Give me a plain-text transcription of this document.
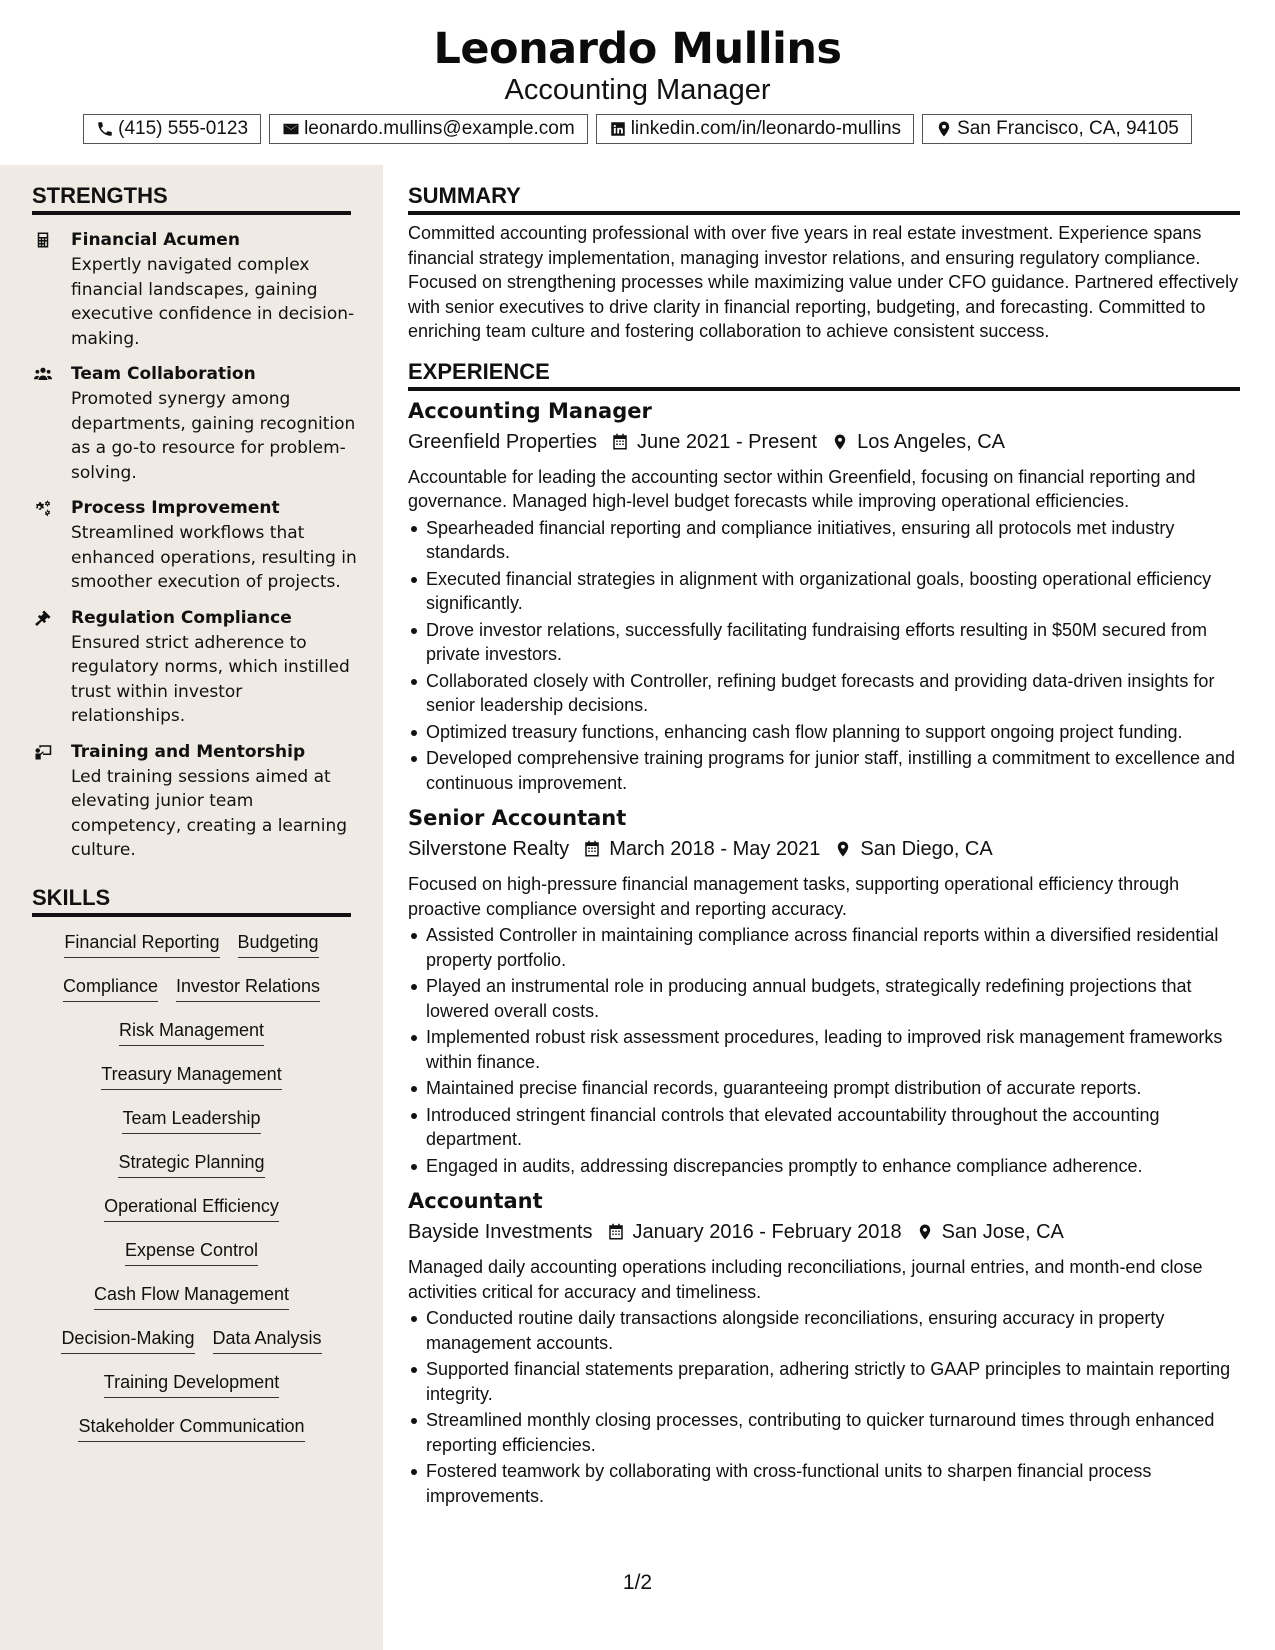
Leonardo Mullins
Accounting Manager
(415) 555-0123	leonardo.mullins@example.com	linkedin.com/in/leonardo-mullins	San Francisco, CA, 94105
STRENGTHS
Financial Acumen
Expertly navigated complex financial landscapes, gaining executive confidence in decision-making.
Team Collaboration
Promoted synergy among departments, gaining recognition as a go-to resource for problem-solving.
Process Improvement
Streamlined workflows that enhanced operations, resulting in smoother execution of projects.
Regulation Compliance
Ensured strict adherence to regulatory norms, which instilled trust within investor relationships.
Training and Mentorship
Led training sessions aimed at elevating junior team competency, creating a learning culture.
SKILLS
Financial Reporting Budgeting
Compliance Investor Relations
Risk Management
Treasury Management
Team Leadership
Strategic Planning
Operational Efficiency
Expense Control
Cash Flow Management
Decision-Making Data Analysis
Training Development
Stakeholder Communication
SUMMARY
Committed accounting professional with over five years in real estate investment. Experience spans financial strategy implementation, managing investor relations, and ensuring regulatory compliance. Focused on strengthening processes while maximizing value under CFO guidance. Partnered effectively with senior executives to drive clarity in financial reporting, budgeting, and forecasting. Committed to enriching team culture and fostering collaboration to achieve consistent success.
EXPERIENCE
Accounting Manager
Greenfield Properties June 2021 - Present Los Angeles, CA
Accountable for leading the accounting sector within Greenfield, focusing on financial reporting and governance. Managed high-level budget forecasts while improving operational efficiencies.
Spearheaded financial reporting and compliance initiatives, ensuring all protocols met industry standards.
Executed financial strategies in alignment with organizational goals, boosting operational efficiency significantly.
Drove investor relations, successfully facilitating fundraising efforts resulting in $50M secured from private investors.
Collaborated closely with Controller, refining budget forecasts and providing data-driven insights for senior leadership decisions.
Optimized treasury functions, enhancing cash flow planning to support ongoing project funding.
Developed comprehensive training programs for junior staff, instilling a commitment to excellence and continuous improvement.
Senior Accountant
Silverstone Realty March 2018 - May 2021 San Diego, CA
Focused on high-pressure financial management tasks, supporting operational efficiency through proactive compliance oversight and reporting accuracy.
Assisted Controller in maintaining compliance across financial reports within a diversified residential property portfolio.
Played an instrumental role in producing annual budgets, strategically redefining projections that lowered overall costs.
Implemented robust risk assessment procedures, leading to improved risk management frameworks within finance.
Maintained precise financial records, guaranteeing prompt distribution of accurate reports.
Introduced stringent financial controls that elevated accountability throughout the accounting department.
Engaged in audits, addressing discrepancies promptly to enhance compliance adherence.
Accountant
Bayside Investments January 2016 - February 2018 San Jose, CA
Managed daily accounting operations including reconciliations, journal entries, and month-end close activities critical for accuracy and timeliness.
Conducted routine daily transactions alongside reconciliations, ensuring accuracy in property management accounts.
Supported financial statements preparation, adhering strictly to GAAP principles to maintain reporting integrity.
Streamlined monthly closing processes, contributing to quicker turnaround times through enhanced reporting efficiencies.
Fostered teamwork by collaborating with cross-functional units to sharpen financial process improvements.
1/2
